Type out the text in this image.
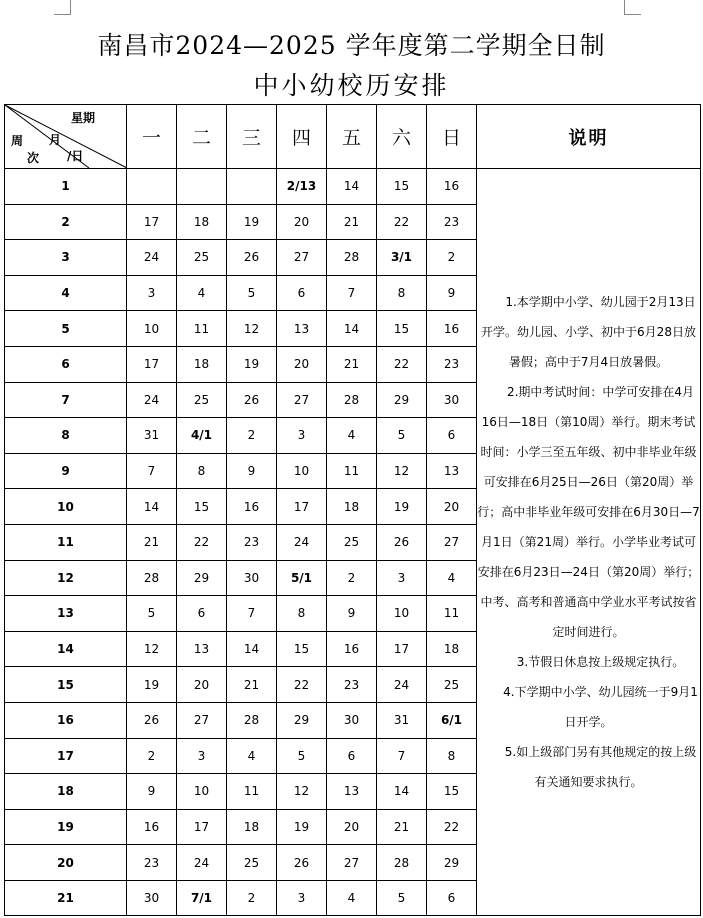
南昌市2024—2025 学年度第二学期全日制
中小幼校历安排
星期
月
周
次 /日	一	二	三	四	五	六	日	说明
1				2/13	14	15	16	1.本学期中小学、幼儿园于2月13日开学。幼儿园、小学、初中于6月28日放暑假；高中于7月4日放暑假。

2.期中考试时间：中学可安排在4月16日—18日（第10周）举行。期末考试时间：小学三至五年级、初中非毕业年级可安排在6月25日—26日（第20周）举行；高中非毕业年级可安排在6月30日—7月1日（第21周）举行。小学毕业考试可安排在6月23日—24日（第20周）举行；中考、高考和普通高中学业水平考试按省定时间进行。

3.节假日休息按上级规定执行。

4.下学期中小学、幼儿园统一于9月1日开学。

5.如上级部门另有其他规定的按上级有关通知要求执行。

2	17	18	19	20	21	22	23	
3	24	25	26	27	28	3/1	2	
4	3	4	5	6	7	8	9	
5	10	11	12	13	14	15	16	
6	17	18	19	20	21	22	23	
7	24	25	26	27	28	29	30	
8	31	4/1	2	3	4	5	6	
9	7	8	9	10	11	12	13	
10	14	15	16	17	18	19	20	
11	21	22	23	24	25	26	27	
12	28	29	30	5/1	2	3	4	
13	5	6	7	8	9	10	11	
14	12	13	14	15	16	17	18	
15	19	20	21	22	23	24	25	
16	26	27	28	29	30	31	6/1	
17	2	3	4	5	6	7	8	
18	9	10	11	12	13	14	15	
19	16	17	18	19	20	21	22	
20	23	24	25	26	27	28	29	
21	30	7/1	2	3	4	5	6	
